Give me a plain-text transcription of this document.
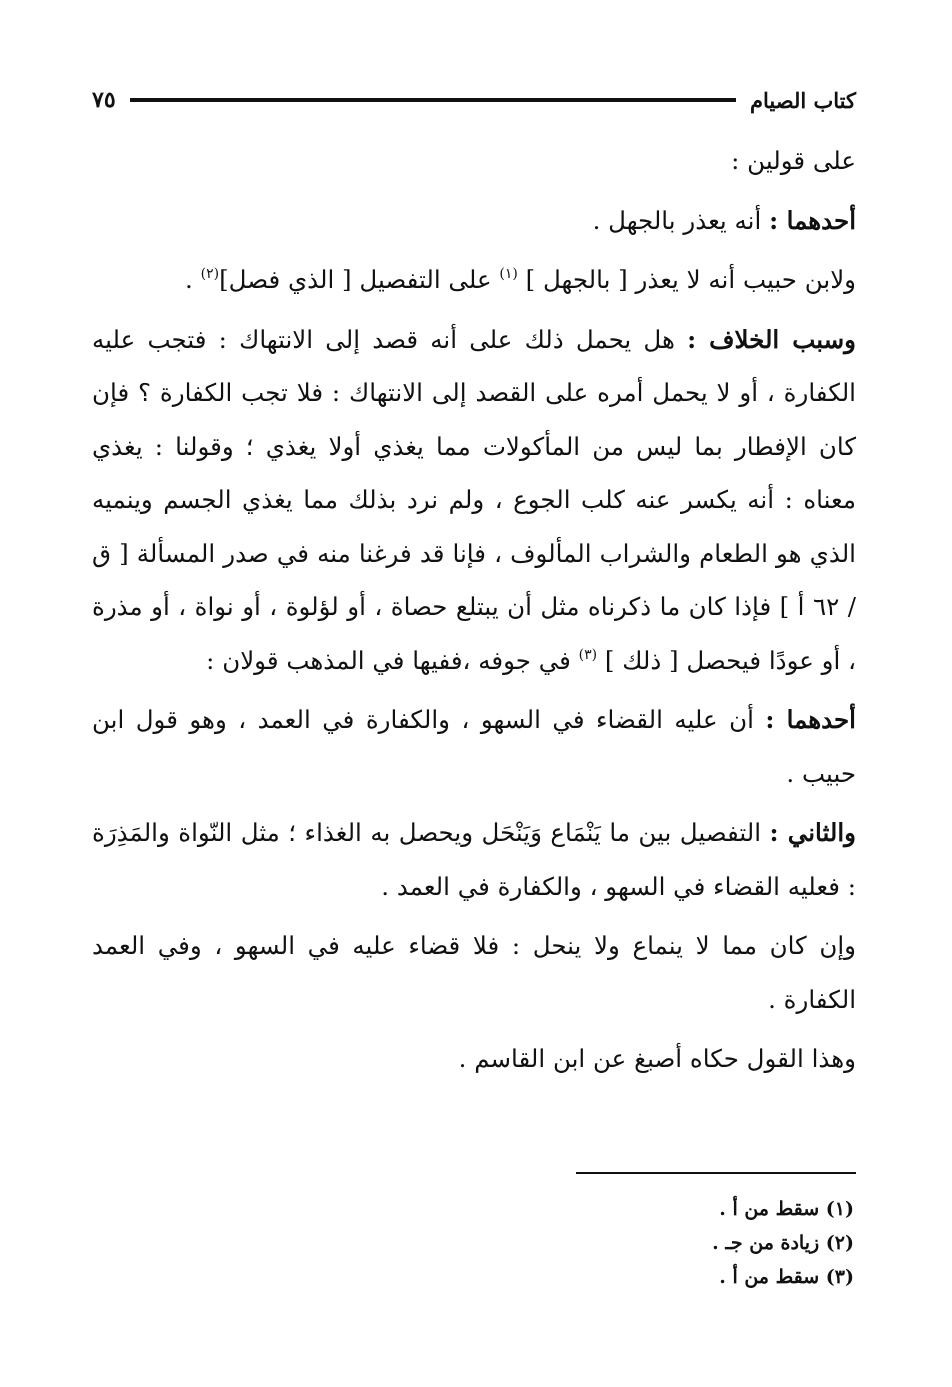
كتاب الصيام
٧٥

على قولين :

أحدهما : أنه يعذر بالجهل .

ولابن حبيب أنه لا يعذر [ بالجهل ] $^{(١)}$ على التفصيل [ الذي فصل]$^{(٢)}$ .

وسبب الخلاف : هل يحمل ذلك على أنه قصد إلى الانتهاك : فتجب عليه الكفارة ، أو لا يحمل أمره على القصد إلى الانتهاك : فلا تجب الكفارة ؟ فإن كان الإفطار بما ليس من المأكولات مما يغذي أولا يغذي ؛ وقولنا : يغذي معناه : أنه يكسر عنه كلب الجوع ، ولم نرد بذلك مما يغذي الجسم وينميه الذي هو الطعام والشراب المألوف ، فإنا قد فرغنا منه في صدر المسألة [ ق / ٦٢ أ ] فإذا كان ما ذكرناه مثل أن يبتلع حصاة ، أو لؤلوة ، أو نواة ، أو مذرة ، أو عودًا فيحصل [ ذلك ] $^{(٣)}$ في جوفه ،ففيها في المذهب قولان :

أحدهما : أن عليه القضاء في السهو ، والكفارة في العمد ، وهو قول ابن حبيب .

والثاني : التفصيل بين ما يَنْمَاع وَيَنْحَل ويحصل به الغذاء ؛ مثل النّواة والمَذِرَة : فعليه القضاء في السهو ، والكفارة في العمد .

وإن كان مما لا ينماع ولا ينحل : فلا قضاء عليه في السهو ، وفي العمد الكفارة .

وهذا القول حكاه أصبغ عن ابن القاسم .

(١) سقط من أ .
(٢) زيادة من جـ .
(٣) سقط من أ .
